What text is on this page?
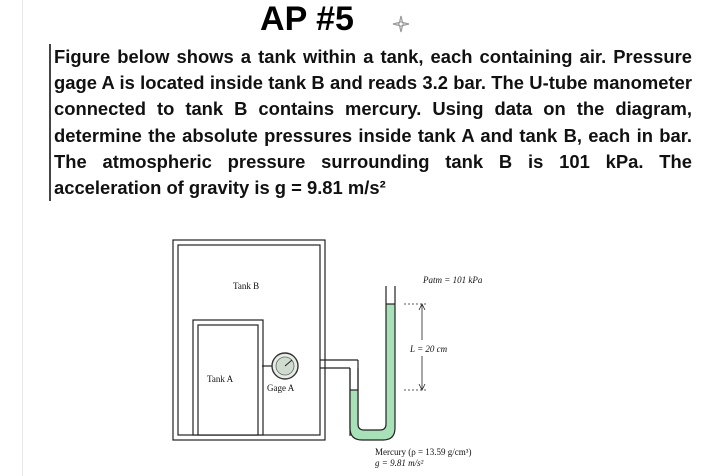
AP #5
Figure below shows a tank within a tank, each containing air. Pressure gage A is located inside tank B and reads 3.2 bar. The U-tube manometer connected to tank B contains mercury. Using data on the diagram, determine the absolute pressures inside tank A and tank B, each in bar. The atmospheric pressure surrounding tank B is 101 kPa. The acceleration of gravity is g = 9.81 m/s²
Tank B
Tank A
Gage A
Patm = 101 kPa
L = 20 cm
Mercury (ρ = 13.59 g/cm³)
g = 9.81 m/s²
